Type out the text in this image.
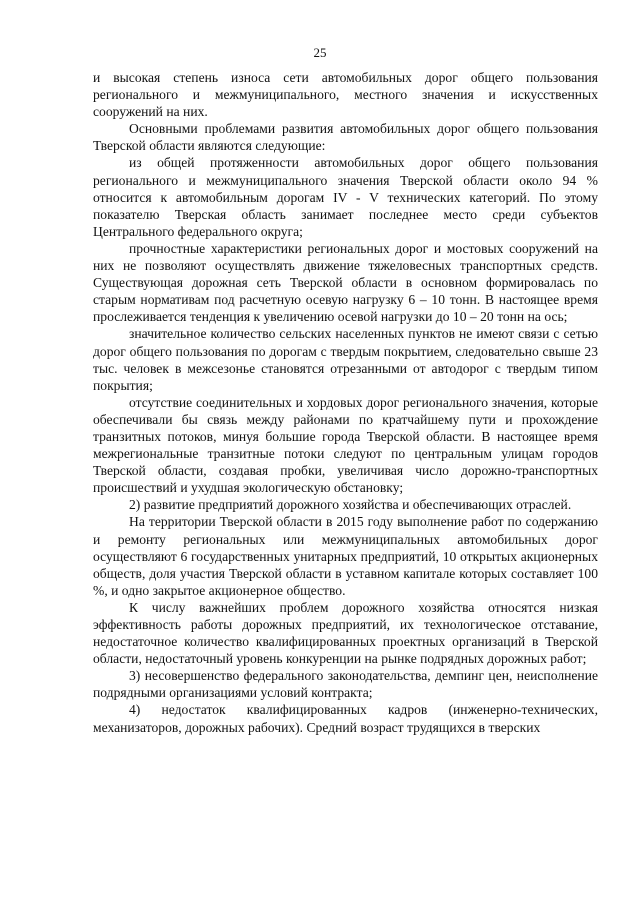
25

и высокая степень износа сети автомобильных дорог общего пользования регионального и межмуниципального, местного значения и искусственных сооружений на них.

Основными проблемами развития автомобильных дорог общего пользования Тверской области являются следующие:

из общей протяженности автомобильных дорог общего пользования регионального и межмуниципального значения Тверской области около 94 % относится к автомобильным дорогам IV - V технических категорий. По этому показателю Тверская область занимает последнее место среди субъектов Центрального федерального округа;

прочностные характеристики региональных дорог и мостовых сооружений на них не позволяют осуществлять движение тяжеловесных транспортных средств. Существующая дорожная сеть Тверской области в основном формировалась по старым нормативам под расчетную осевую нагрузку 6 – 10 тонн. В настоящее время прослеживается тенденция к увеличению осевой нагрузки до 10 – 20 тонн на ось;

значительное количество сельских населенных пунктов не имеют связи с сетью дорог общего пользования по дорогам с твердым покрытием, следовательно свыше 23 тыс. человек в межсезонье становятся отрезанными от автодорог с твердым типом покрытия;

отсутствие соединительных и хордовых дорог регионального значения, которые обеспечивали бы связь между районами по кратчайшему пути и прохождение транзитных потоков, минуя большие города Тверской области. В настоящее время межрегиональные транзитные потоки следуют по центральным улицам городов Тверской области, создавая пробки, увеличивая число дорожно-транспортных происшествий и ухудшая экологическую обстановку;

2) развитие предприятий дорожного хозяйства и обеспечивающих отраслей.

На территории Тверской области в 2015 году выполнение работ по содержанию и ремонту региональных или межмуниципальных автомобильных дорог осуществляют 6 государственных унитарных предприятий, 10 открытых акционерных обществ, доля участия Тверской области в уставном капитале которых составляет 100 %, и одно закрытое акционерное общество.

К числу важнейших проблем дорожного хозяйства относятся низкая эффективность работы дорожных предприятий, их технологическое отставание, недостаточное количество квалифицированных проектных организаций в Тверской области, недостаточный уровень конкуренции на рынке подрядных дорожных работ;

3) несовершенство федерального законодательства, демпинг цен, неисполнение подрядными организациями условий контракта;

4) недостаток квалифицированных кадров (инженерно-технических, механизаторов, дорожных рабочих). Средний возраст трудящихся в тверских
